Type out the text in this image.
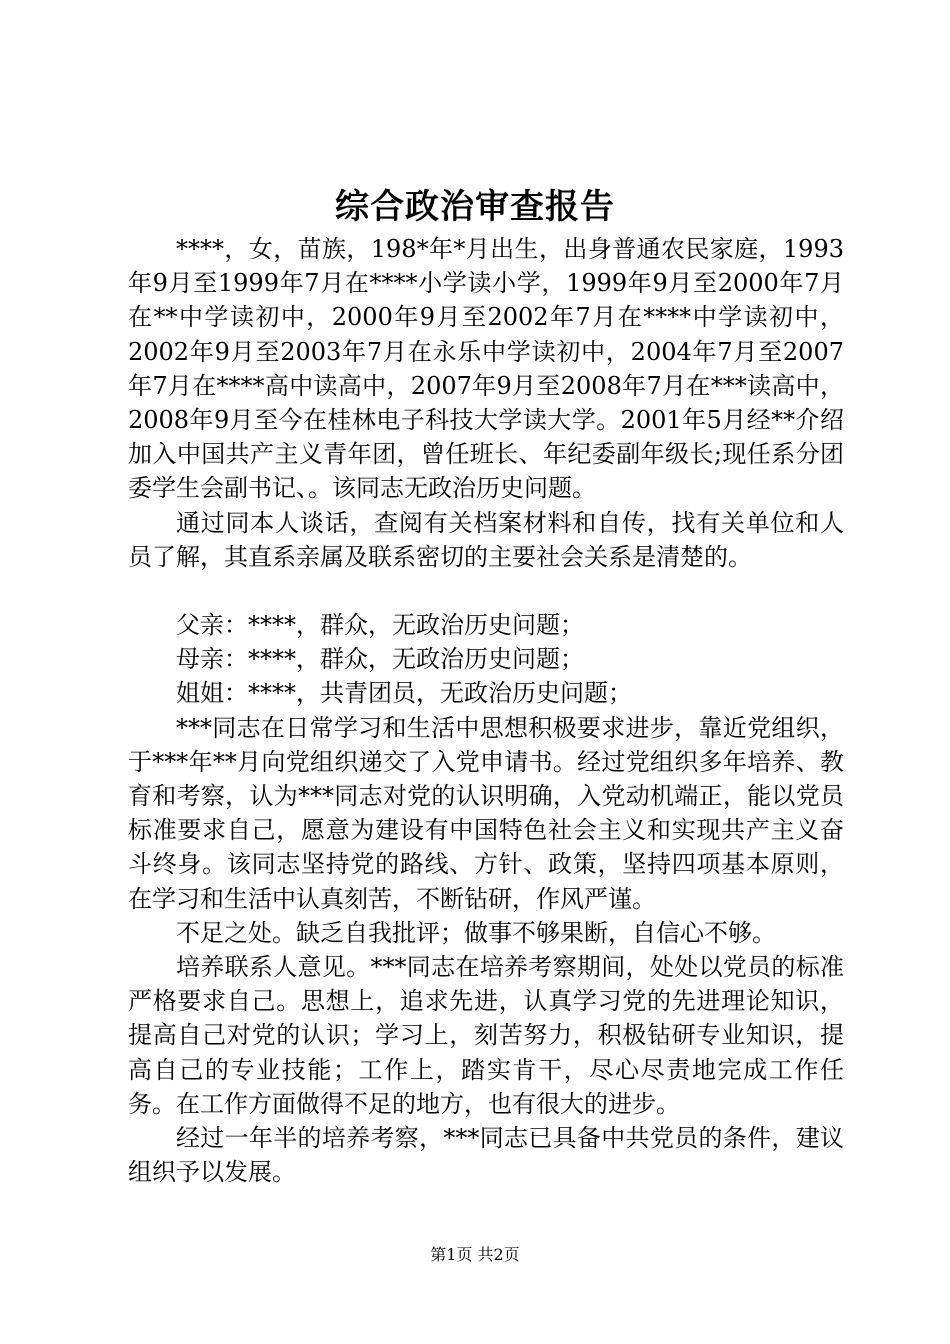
综合政治审查报告

****，女，苗族，198*年*月出生，出身普通农民家庭，1993年9月至1999年7月在****小学读小学，1999年9月至2000年7月在**中学读初中，2000年9月至2002年7月在****中学读初中，2002年9月至2003年7月在永乐中学读初中，2004年7月至2007年7月在****高中读高中，2007年9月至2008年7月在***读高中，2008年9月至今在桂林电子科技大学读大学。2001年5月经**介绍加入中国共产主义青年团，曾任班长、年纪委副年级长;现任系分团委学生会副书记、。该同志无政治历史问题。

通过同本人谈话，查阅有关档案材料和自传，找有关单位和人员了解，其直系亲属及联系密切的主要社会关系是清楚的。

父亲：****，群众，无政治历史问题；

母亲：****，群众，无政治历史问题；

姐姐：****，共青团员，无政治历史问题；

***同志在日常学习和生活中思想积极要求进步，靠近党组织，于***年**月向党组织递交了入党申请书。经过党组织多年培养、教育和考察，认为***同志对党的认识明确，入党动机端正，能以党员标准要求自己，愿意为建设有中国特色社会主义和实现共产主义奋斗终身。该同志坚持党的路线、方针、政策，坚持四项基本原则，在学习和生活中认真刻苦，不断钻研，作风严谨。

不足之处。缺乏自我批评；做事不够果断，自信心不够。

培养联系人意见。***同志在培养考察期间，处处以党员的标准严格要求自己。思想上，追求先进，认真学习党的先进理论知识，提高自己对党的认识；学习上，刻苦努力，积极钻研专业知识，提高自己的专业技能；工作上，踏实肯干，尽心尽责地完成工作任务。在工作方面做得不足的地方，也有很大的进步。

经过一年半的培养考察，***同志已具备中共党员的条件，建议组织予以发展。

第1页 共2页
